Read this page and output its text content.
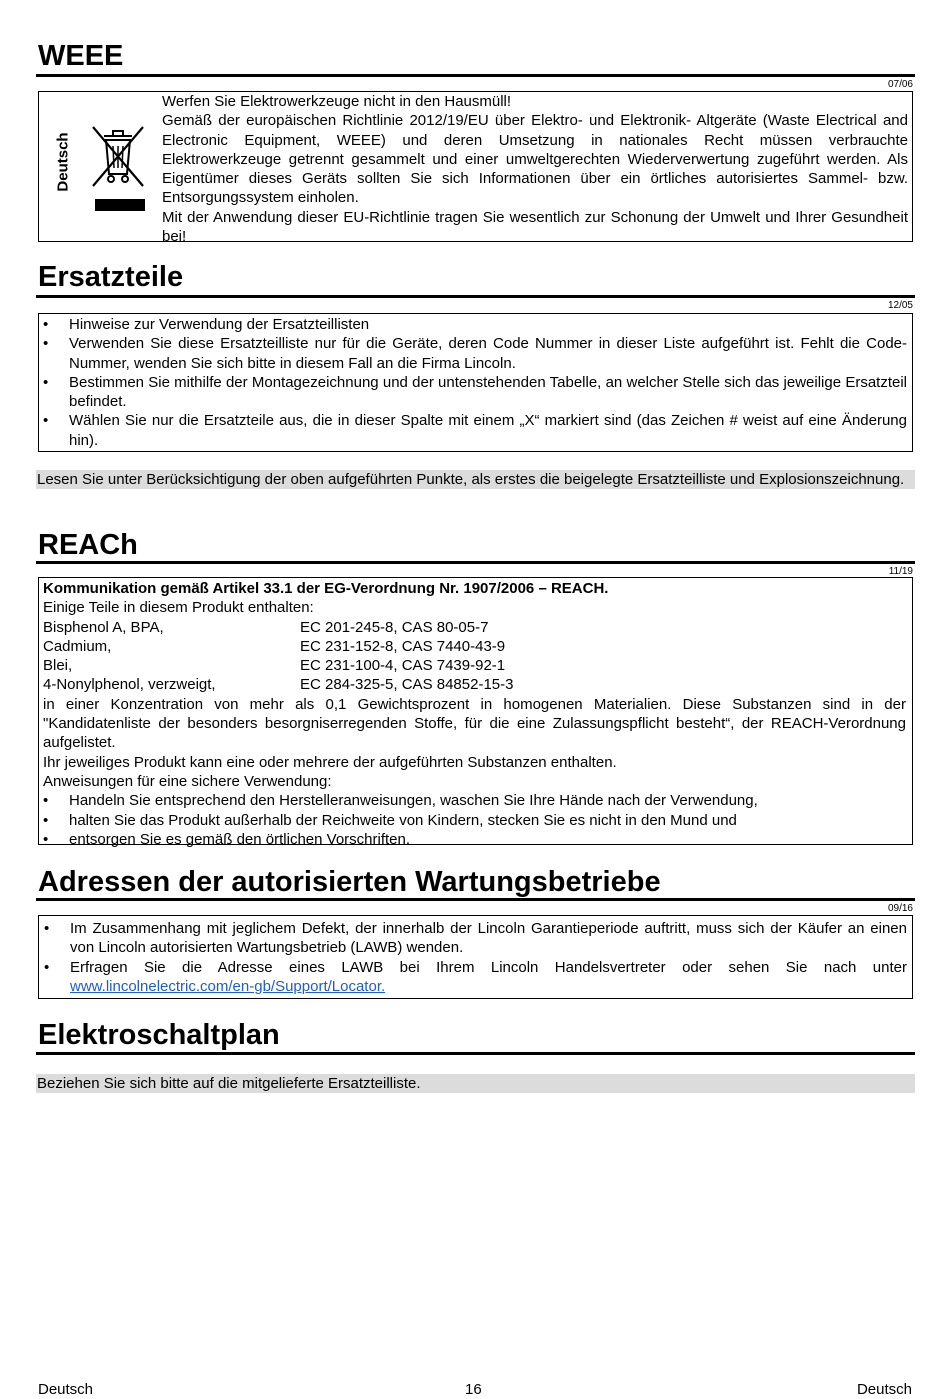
WEEE
07/06
Deutsch

Werfen Sie Elektrowerkzeuge nicht in den Hausmüll!

Gemäß der europäischen Richtlinie 2012/19/EU über Elektro- und Elektronik- Altgeräte (Waste Electrical and Electronic Equipment, WEEE) und deren Umsetzung in nationales Recht müssen verbrauchte Elektrowerkzeuge getrennt gesammelt und einer umweltgerechten Wiederverwertung zugeführt werden. Als Eigentümer dieses Geräts sollten Sie sich Informationen über ein örtliches autorisiertes Sammel- bzw. Entsorgungssystem einholen.

Mit der Anwendung dieser EU-Richtlinie tragen Sie wesentlich zur Schonung der Umwelt und Ihrer Gesundheit bei!

Ersatzteile
12/05
• Hinweise zur Verwendung der Ersatzteillisten
• Verwenden Sie diese Ersatzteilliste nur für die Geräte, deren Code Nummer in dieser Liste aufgeführt ist. Fehlt die Code-Nummer, wenden Sie sich bitte in diesem Fall an die Firma Lincoln.
• Bestimmen Sie mithilfe der Montagezeichnung und der untenstehenden Tabelle, an welcher Stelle sich das jeweilige Ersatzteil befindet.
• Wählen Sie nur die Ersatzteile aus, die in dieser Spalte mit einem „X“ markiert sind (das Zeichen # weist auf eine Änderung hin).
Lesen Sie unter Berücksichtigung der oben aufgeführten Punkte, als erstes die beigelegte Ersatzteilliste und Explosionszeichnung.
REACh
11/19

Kommunikation gemäß Artikel 33.1 der EG-Verordnung Nr. 1907/2006 – REACH.

Einige Teile in diesem Produkt enthalten:

Bisphenol A, BPA,	EC 201-245-8, CAS 80-05-7
Cadmium,	EC 231-152-8, CAS 7440-43-9
Blei,	EC 231-100-4, CAS 7439-92-1
4-Nonylphenol, verzweigt,	EC 284-325-5, CAS 84852-15-3

in einer Konzentration von mehr als 0,1 Gewichtsprozent in homogenen Materialien. Diese Substanzen sind in der "Kandidatenliste der besonders besorgniserregenden Stoffe, für die eine Zulassungspflicht besteht“, der REACH-Verordnung aufgelistet.

Ihr jeweiliges Produkt kann eine oder mehrere der aufgeführten Substanzen enthalten.

Anweisungen für eine sichere Verwendung:

• Handeln Sie entsprechend den Herstelleranweisungen, waschen Sie Ihre Hände nach der Verwendung,
• halten Sie das Produkt außerhalb der Reichweite von Kindern, stecken Sie es nicht in den Mund und
• entsorgen Sie es gemäß den örtlichen Vorschriften.
Adressen der autorisierten Wartungsbetriebe
09/16
• Im Zusammenhang mit jeglichem Defekt, der innerhalb der Lincoln Garantieperiode auftritt, muss sich der Käufer an einen von Lincoln autorisierten Wartungsbetrieb (LAWB) wenden.
• Erfragen Sie die Adresse eines LAWB bei Ihrem Lincoln Handelsvertreter oder sehen Sie nach unter www.lincolnelectric.com/en-gb/Support/Locator.
Elektroschaltplan
Beziehen Sie sich bitte auf die mitgelieferte Ersatzteilliste.
Deutsch	16	Deutsch
